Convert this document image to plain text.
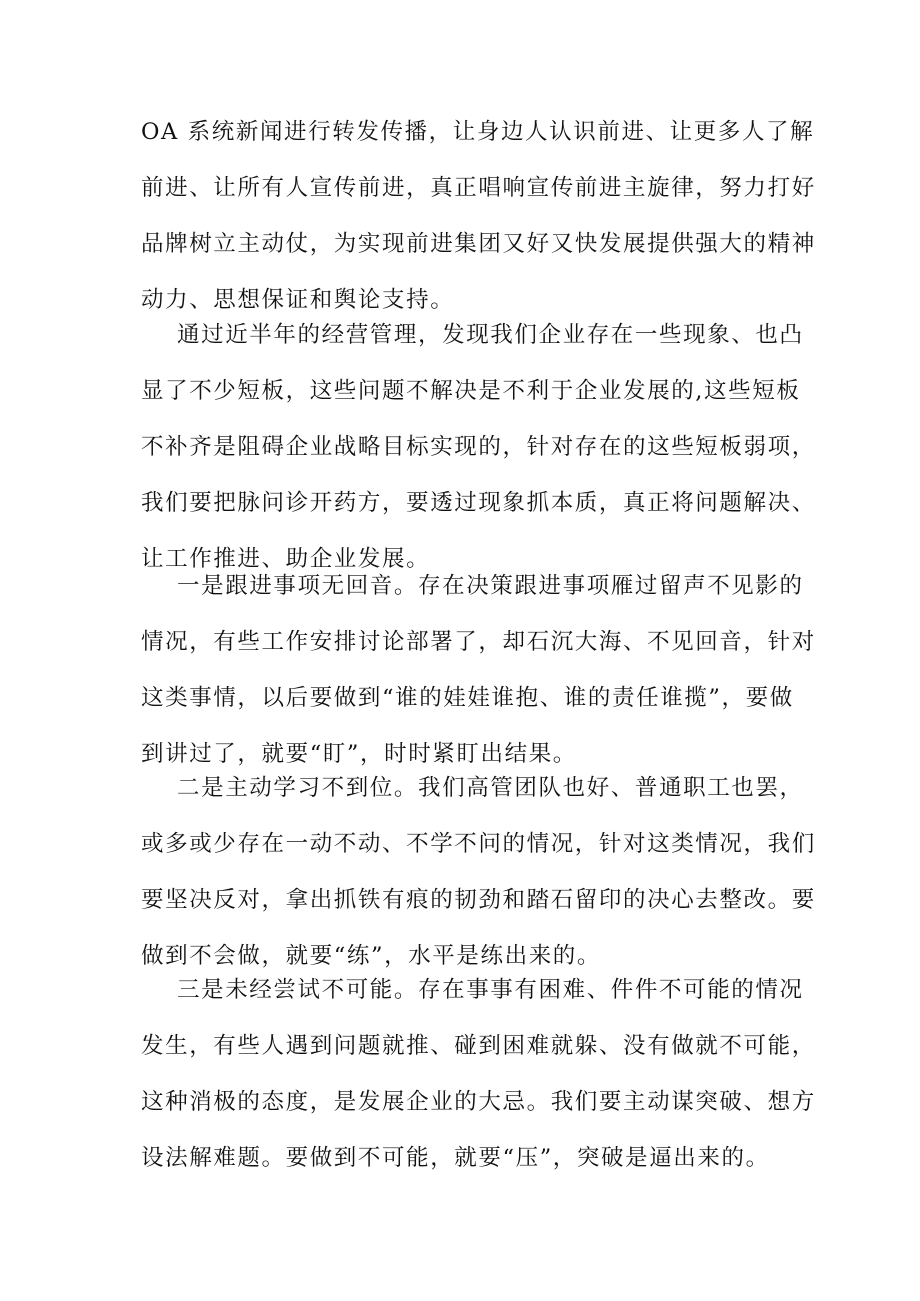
OA 系统新闻进行转发传播，让身边人认识前进、让更多人了解
前进、让所有人宣传前进，真正唱响宣传前进主旋律，努力打好
品牌树立主动仗，为实现前进集团又好又快发展提供强大的精神
动力、思想保证和舆论支持。
通过近半年的经营管理，发现我们企业存在一些现象、也凸
显了不少短板，这些问题不解决是不利于企业发展的,这些短板
不补齐是阻碍企业战略目标实现的，针对存在的这些短板弱项，
我们要把脉问诊开药方，要透过现象抓本质，真正将问题解决、
让工作推进、助企业发展。
一是跟进事项无回音。存在决策跟进事项雁过留声不见影的
情况，有些工作安排讨论部署了，却石沉大海、不见回音，针对
这类事情，以后要做到“谁的娃娃谁抱、谁的责任谁揽”，要做
到讲过了，就要“盯”，时时紧盯出结果。
二是主动学习不到位。我们高管团队也好、普通职工也罢，
或多或少存在一动不动、不学不问的情况，针对这类情况，我们
要坚决反对，拿出抓铁有痕的韧劲和踏石留印的决心去整改。要
做到不会做，就要“练”，水平是练出来的。
三是未经尝试不可能。存在事事有困难、件件不可能的情况
发生，有些人遇到问题就推、碰到困难就躲、没有做就不可能，
这种消极的态度，是发展企业的大忌。我们要主动谋突破、想方
设法解难题。要做到不可能，就要“压”，突破是逼出来的。
